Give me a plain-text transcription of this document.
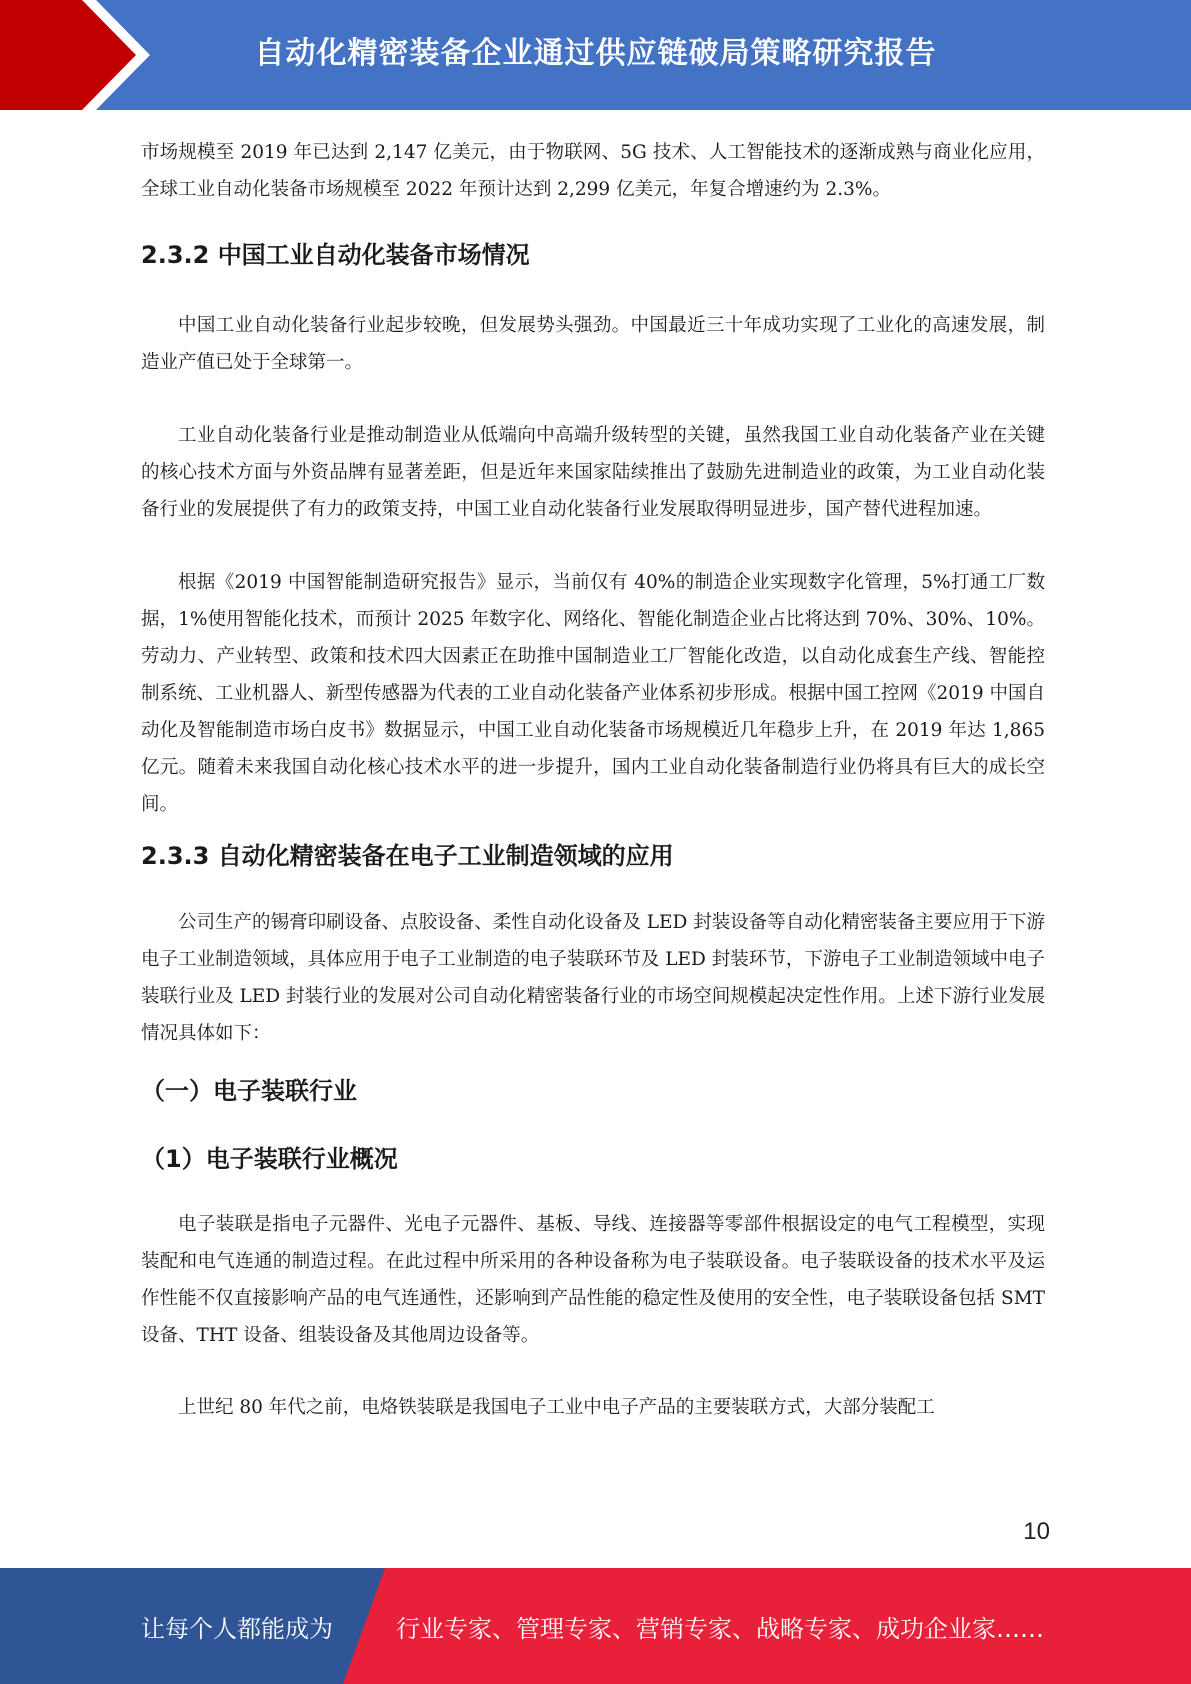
自动化精密装备企业通过供应链破局策略研究报告

市场规模至 2019 年已达到 2,147 亿美元，由于物联网、5G 技术、人工智能技术的逐渐成熟与商业化应用，全球工业自动化装备市场规模至 2022 年预计达到 2,299 亿美元，年复合增速约为 2.3%。

2.3.2 中国工业自动化装备市场情况

中国工业自动化装备行业起步较晚，但发展势头强劲。中国最近三十年成功实现了工业化的高速发展，制造业产值已处于全球第一。

工业自动化装备行业是推动制造业从低端向中高端升级转型的关键，虽然我国工业自动化装备产业在关键的核心技术方面与外资品牌有显著差距，但是近年来国家陆续推出了鼓励先进制造业的政策，为工业自动化装备行业的发展提供了有力的政策支持，中国工业自动化装备行业发展取得明显进步，国产替代进程加速。

根据《2019 中国智能制造研究报告》显示，当前仅有 40%的制造企业实现数字化管理，5%打通工厂数据，1%使用智能化技术，而预计 2025 年数字化、网络化、智能化制造企业占比将达到 70%、30%、10%。劳动力、产业转型、政策和技术四大因素正在助推中国制造业工厂智能化改造，以自动化成套生产线、智能控制系统、工业机器人、新型传感器为代表的工业自动化装备产业体系初步形成。根据中国工控网《2019 中国自动化及智能制造市场白皮书》数据显示，中国工业自动化装备市场规模近几年稳步上升，在 2019 年达 1,865 亿元。随着未来我国自动化核心技术水平的进一步提升，国内工业自动化装备制造行业仍将具有巨大的成长空间。

2.3.3 自动化精密装备在电子工业制造领域的应用

公司生产的锡膏印刷设备、点胶设备、柔性自动化设备及 LED 封装设备等自动化精密装备主要应用于下游电子工业制造领域，具体应用于电子工业制造的电子装联环节及 LED 封装环节，下游电子工业制造领域中电子装联行业及 LED 封装行业的发展对公司自动化精密装备行业的市场空间规模起决定性作用。上述下游行业发展情况具体如下：

（一）电子装联行业
（1）电子装联行业概况

电子装联是指电子元器件、光电子元器件、基板、导线、连接器等零部件根据设定的电气工程模型，实现装配和电气连通的制造过程。在此过程中所采用的各种设备称为电子装联设备。电子装联设备的技术水平及运作性能不仅直接影响产品的电气连通性，还影响到产品性能的稳定性及使用的安全性，电子装联设备包括 SMT 设备、THT 设备、组装设备及其他周边设备等。

上世纪 80 年代之前，电烙铁装联是我国电子工业中电子产品的主要装联方式，大部分装配工

10
让每个人都能成为	行业专家、管理专家、营销专家、战略专家、成功企业家……
